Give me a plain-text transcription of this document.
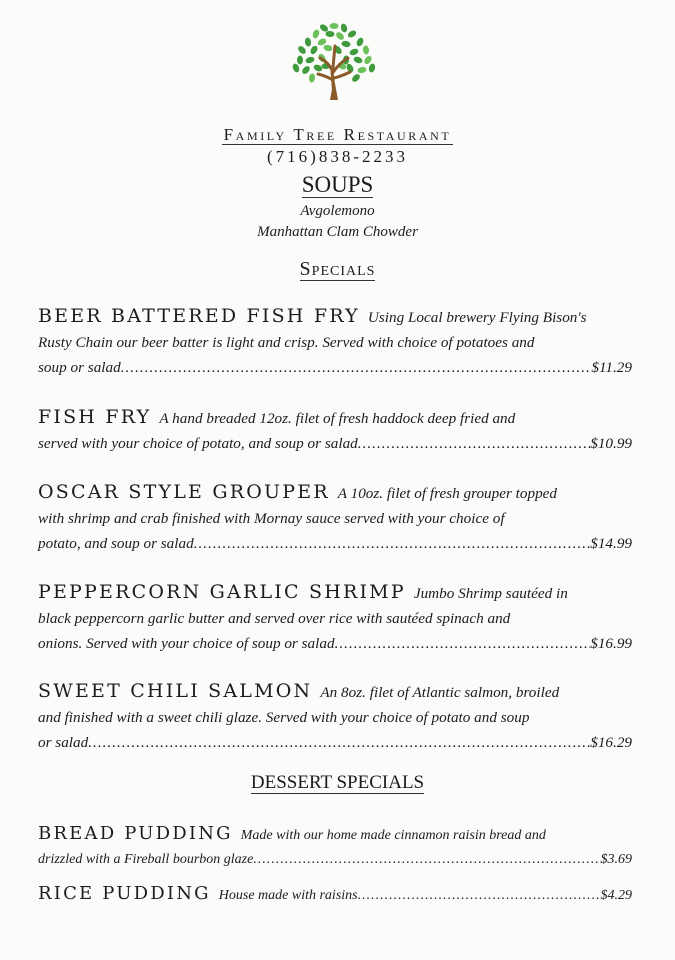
Family Tree Restaurant
(716)838-2233
SOUPS
Avgolemono
Manhattan Clam Chowder
Specials
BEER BATTERED FISH FRY Using Local brewery Flying Bison's
Rusty Chain our beer batter is light and crisp. Served with choice of potatoes and
soup or salad .....	$11.29
FISH FRY A hand breaded 12oz. filet of fresh haddock deep fried and
served with your choice of potato, and soup or salad .....	$10.99
OSCAR STYLE GROUPER A 10oz. filet of fresh grouper topped
with shrimp and crab finished with Mornay sauce served with your choice of
potato, and soup or salad .....	$14.99
PEPPERCORN GARLIC SHRIMP Jumbo Shrimp sautéed in
black peppercorn garlic butter and served over rice with sautéed spinach and
onions. Served with your choice of soup or salad .....	$16.99
SWEET CHILI SALMON An 8oz. filet of Atlantic salmon, broiled
and finished with a sweet chili glaze. Served with your choice of potato and soup
or salad .....	$16.29
DESSERT SPECIALS
BREAD PUDDING Made with our home made cinnamon raisin bread and
drizzled with a Fireball bourbon glaze .....	$3.69
RICE PUDDING House made with raisins .....	$4.29
